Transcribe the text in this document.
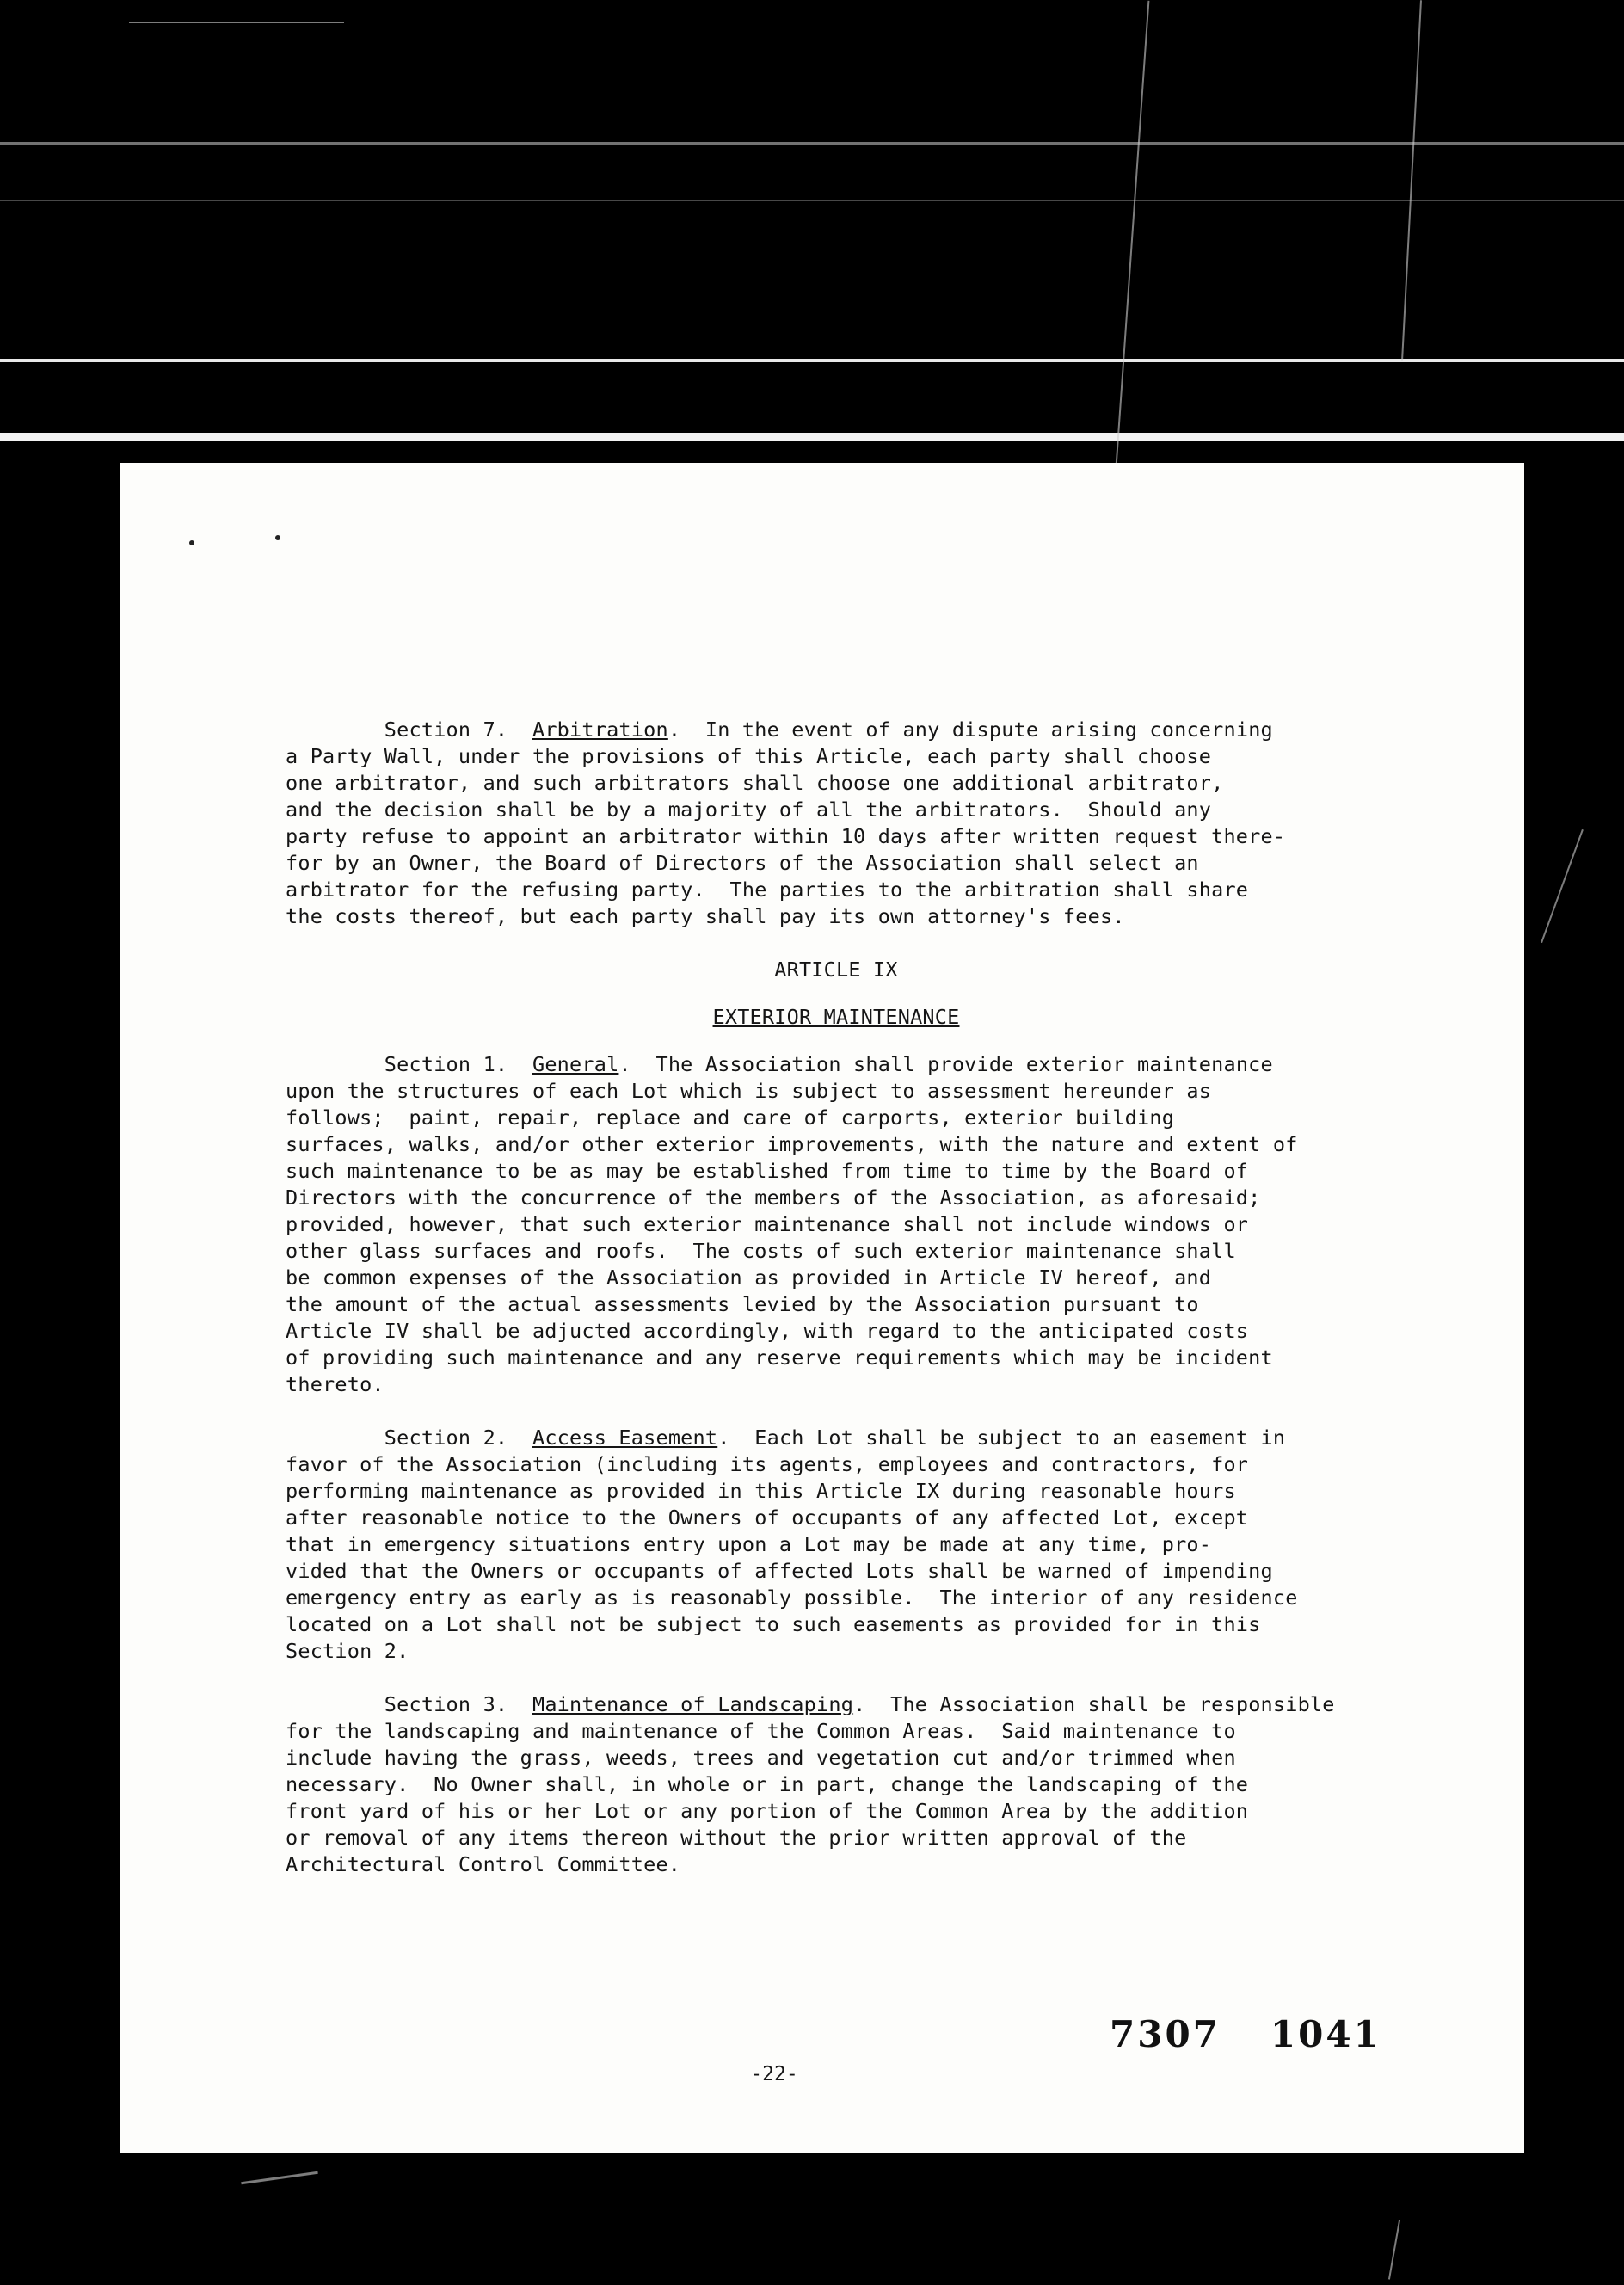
Section 7. Arbitration.  In the event of any dispute arising concerning
a Party Wall, under the provisions of this Article, each party shall choose
one arbitrator, and such arbitrators shall choose one additional arbitrator,
and the decision shall be by a majority of all the arbitrators.  Should any
party refuse to appoint an arbitrator within 10 days after written request there-
for by an Owner, the Board of Directors of the Association shall select an
arbitrator for the refusing party.  The parties to the arbitration shall share
the costs thereof, but each party shall pay its own attorney's fees.
ARTICLE IX
EXTERIOR MAINTENANCE
Section 1. General.  The Association shall provide exterior maintenance
upon the structures of each Lot which is subject to assessment hereunder as
follows;  paint, repair, replace and care of carports, exterior building
surfaces, walks, and/or other exterior improvements, with the nature and extent of
such maintenance to be as may be established from time to time by the Board of
Directors with the concurrence of the members of the Association, as aforesaid;
provided, however, that such exterior maintenance shall not include windows or
other glass surfaces and roofs.  The costs of such exterior maintenance shall
be common expenses of the Association as provided in Article IV hereof, and
the amount of the actual assessments levied by the Association pursuant to
Article IV shall be adjucted accordingly, with regard to the anticipated costs
of providing such maintenance and any reserve requirements which may be incident
thereto.
Section 2. Access Easement.  Each Lot shall be subject to an easement in
favor of the Association (including its agents, employees and contractors, for
performing maintenance as provided in this Article IX during reasonable hours
after reasonable notice to the Owners of occupants of any affected Lot, except
that in emergency situations entry upon a Lot may be made at any time, pro-
vided that the Owners or occupants of affected Lots shall be warned of impending
emergency entry as early as is reasonably possible.  The interior of any residence
located on a Lot shall not be subject to such easements as provided for in this
Section 2.
Section 3. Maintenance of Landscaping.  The Association shall be responsible
for the landscaping and maintenance of the Common Areas.  Said maintenance to
include having the grass, weeds, trees and vegetation cut and/or trimmed when
necessary.  No Owner shall, in whole or in part, change the landscaping of the
front yard of his or her Lot or any portion of the Common Area by the addition
or removal of any items thereon without the prior written approval of the
Architectural Control Committee.
7307 1041
-22-
